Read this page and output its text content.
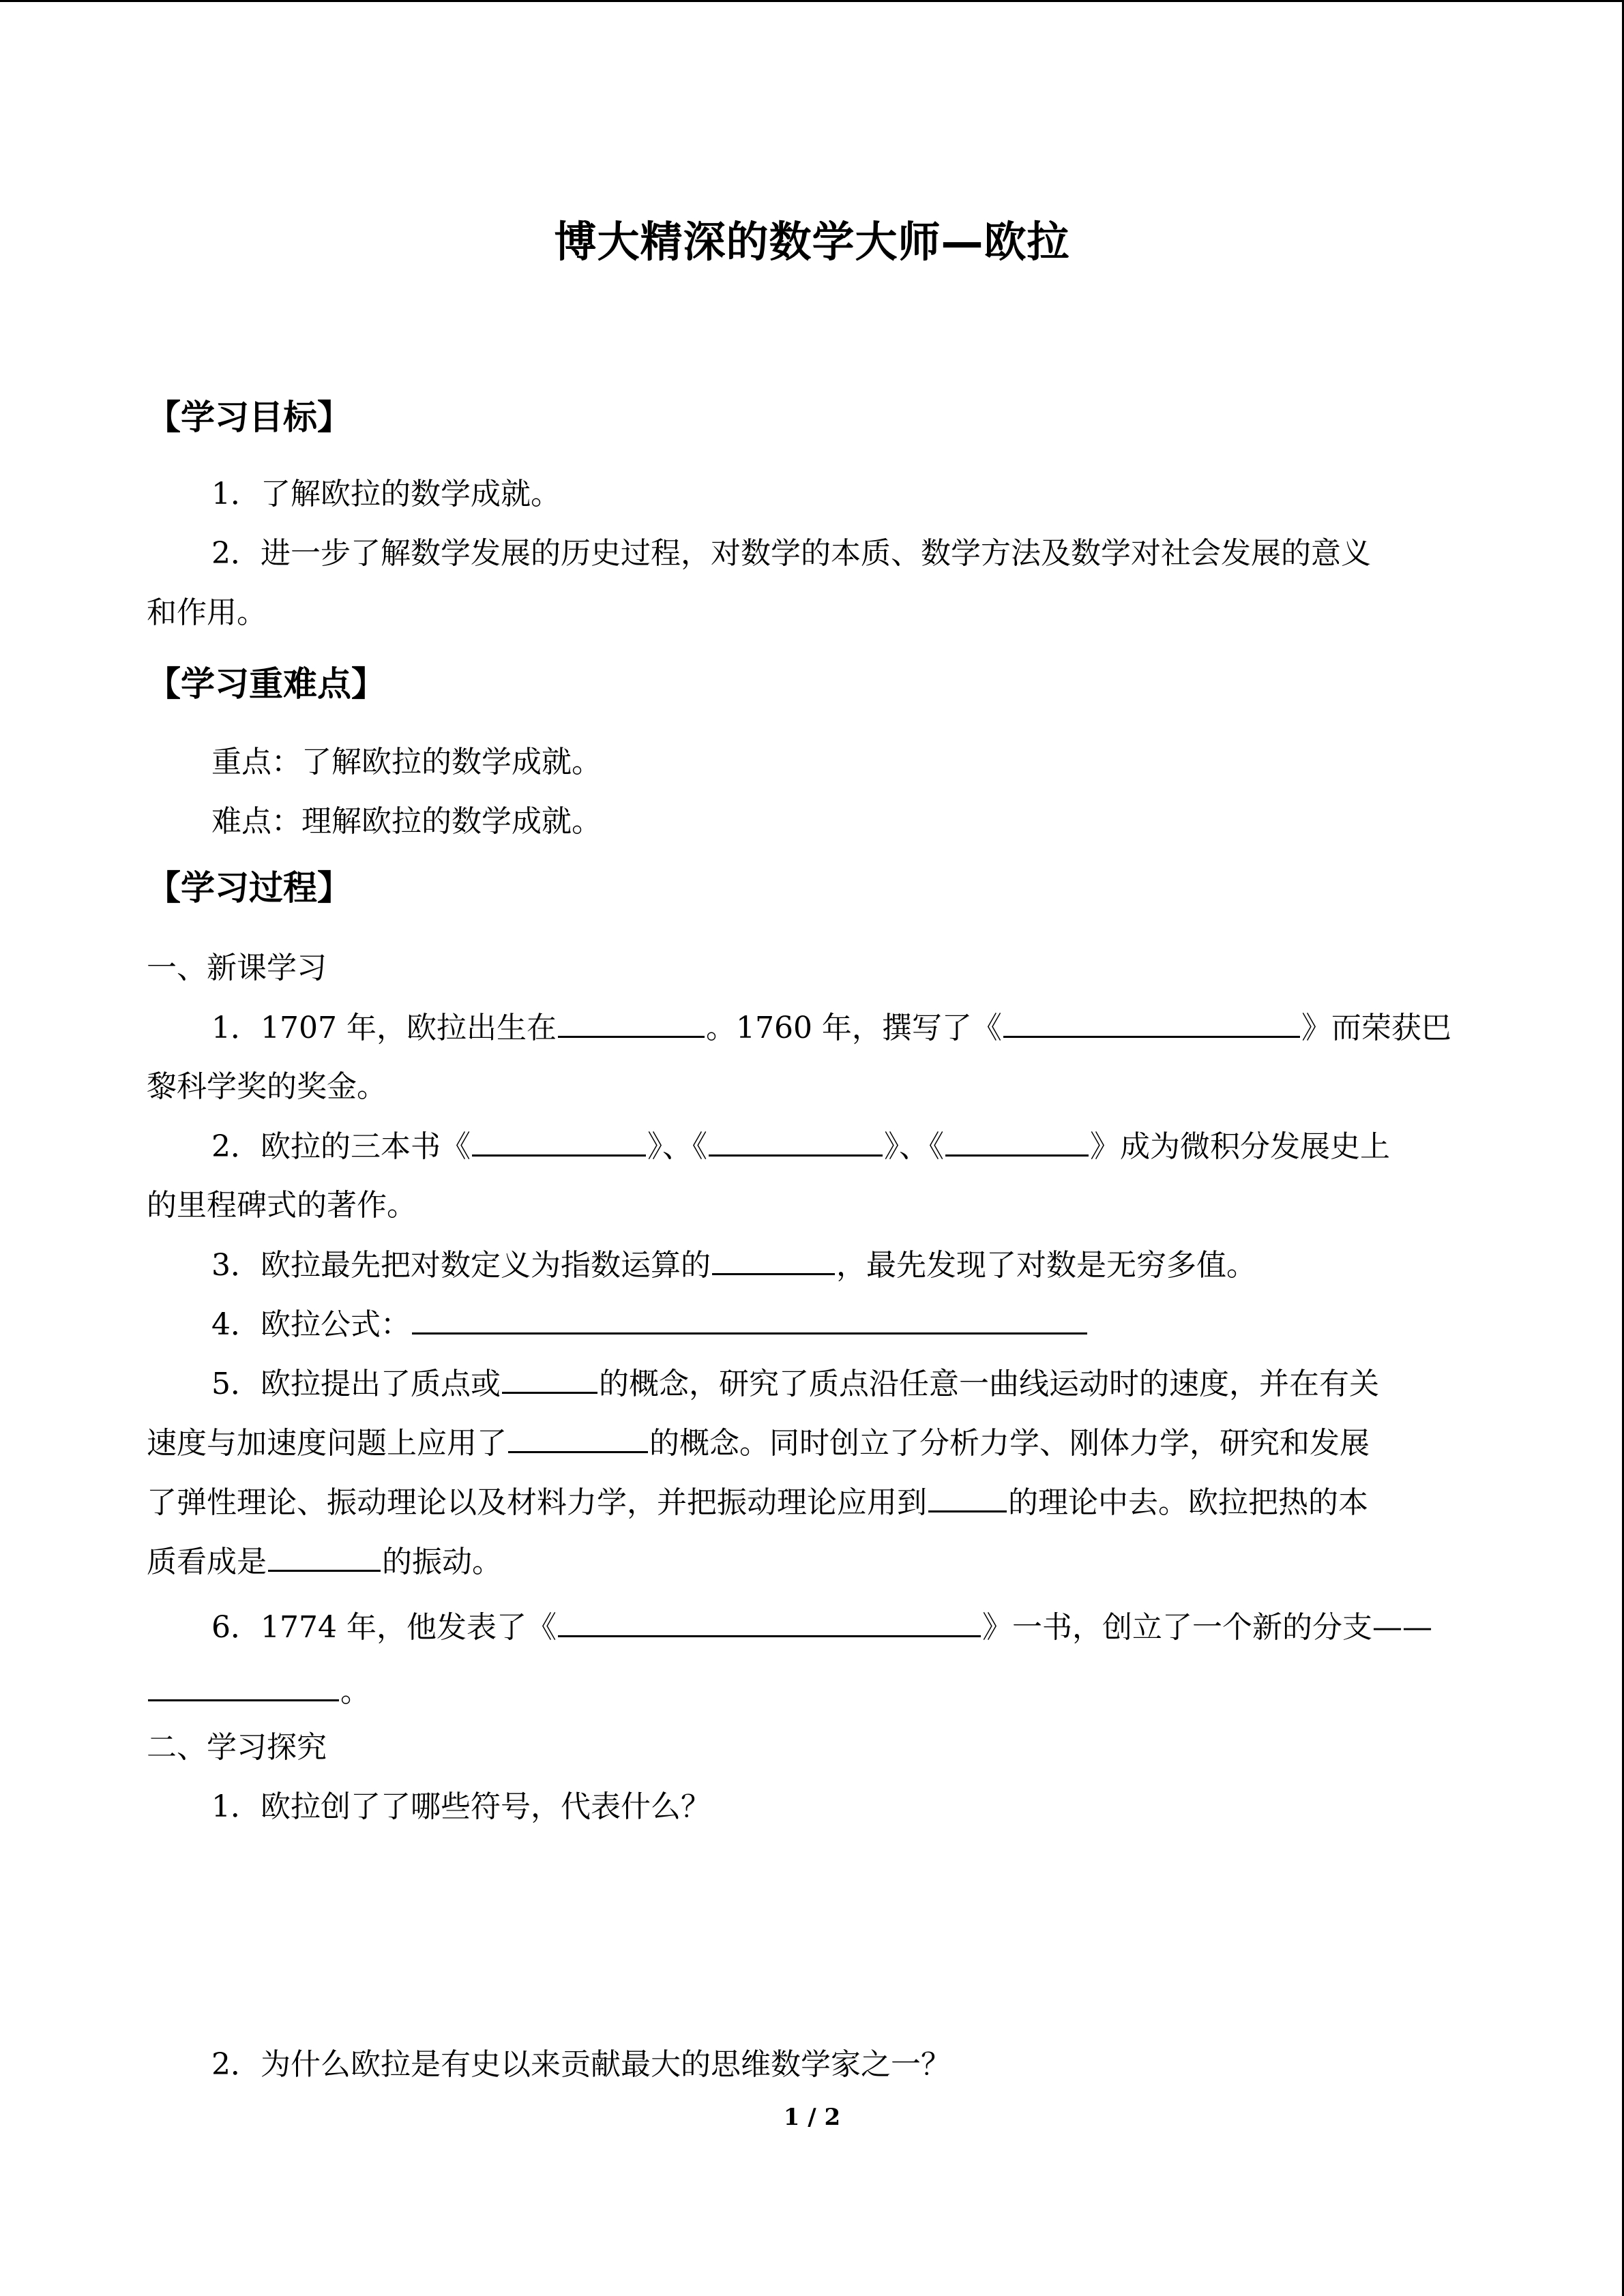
博大精深的数学大师—欧拉
【学习目标】
1．了解欧拉的数学成就。
2．进一步了解数学发展的历史过程，对数学的本质、数学方法及数学对社会发展的意义
和作用。
【学习重难点】
重点：了解欧拉的数学成就。
难点：理解欧拉的数学成就。
【学习过程】
一、新课学习
1．1707 年，欧拉出生在	。1760 年，撰写了《	》而荣获巴
黎科学奖的奖金。
2．欧拉的三本书《	》、《	》、《	》成为微积分发展史上
的里程碑式的著作。
3．欧拉最先把对数定义为指数运算的	，最先发现了对数是无穷多值。
4．欧拉公式：
5．欧拉提出了质点或	的概念，研究了质点沿任意一曲线运动时的速度，并在有关
速度与加速度问题上应用了	的概念。同时创立了分析力学、刚体力学，研究和发展
了弹性理论、振动理论以及材料力学，并把振动理论应用到	的理论中去。欧拉把热的本
质看成是	的振动。
6．1774 年，他发表了《	》一书，创立了一个新的分支——
。
二、学习探究
1．欧拉创了了哪些符号，代表什么？
2．为什么欧拉是有史以来贡献最大的思维数学家之一？
1 / 2
